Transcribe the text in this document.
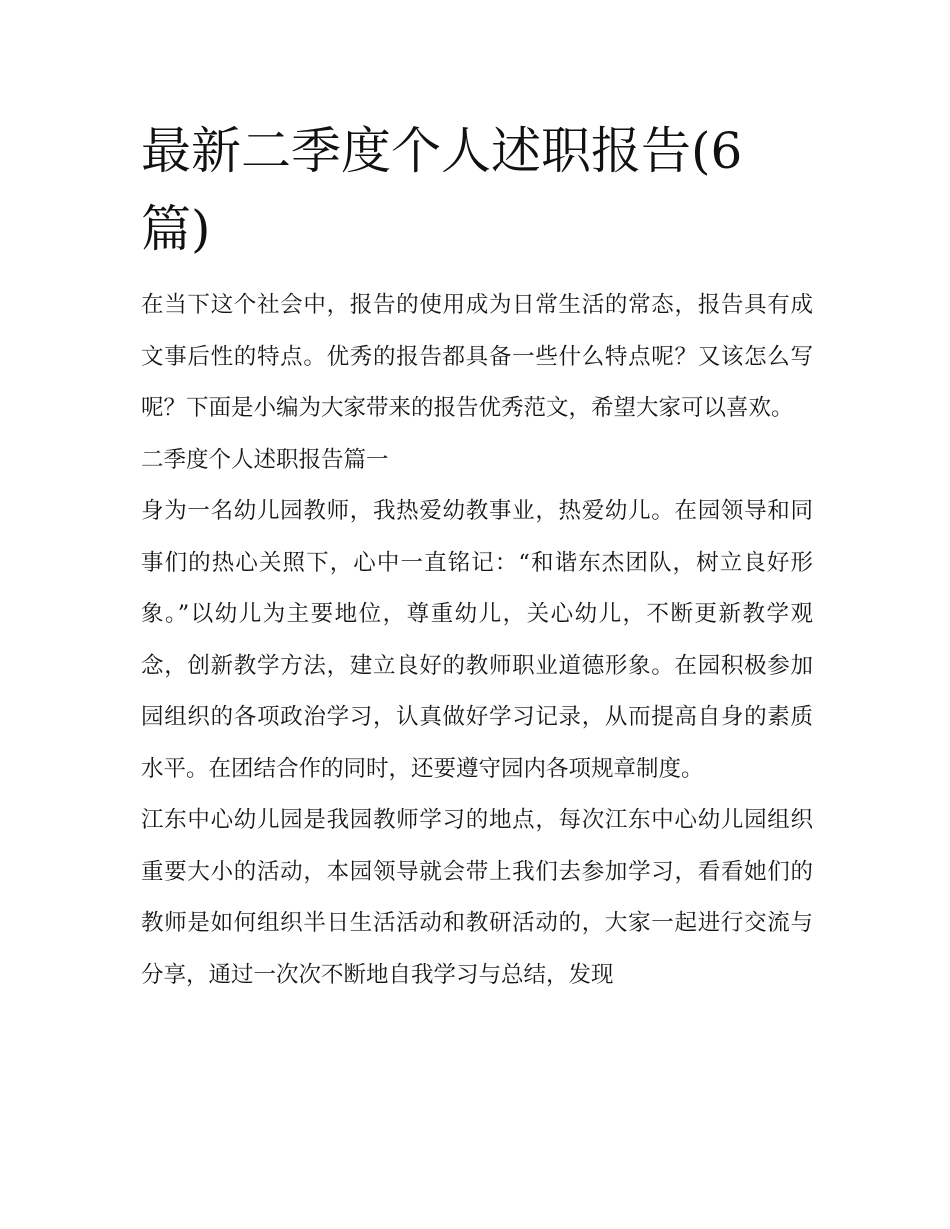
最新二季度个人述职报告(6篇)

在当下这个社会中，报告的使用成为日常生活的常态，报告具有成文事后性的特点。优秀的报告都具备一些什么特点呢？又该怎么写呢？下面是小编为大家带来的报告优秀范文，希望大家可以喜欢。

二季度个人述职报告篇一

身为一名幼儿园教师，我热爱幼教事业，热爱幼儿。在园领导和同事们的热心关照下，心中一直铭记：“和谐东杰团队，树立良好形象。”以幼儿为主要地位，尊重幼儿，关心幼儿，不断更新教学观念，创新教学方法，建立良好的教师职业道德形象。在园积极参加园组织的各项政治学习，认真做好学习记录，从而提高自身的素质水平。在团结合作的同时，还要遵守园内各项规章制度。

江东中心幼儿园是我园教师学习的地点，每次江东中心幼儿园组织重要大小的活动，本园领导就会带上我们去参加学习，看看她们的教师是如何组织半日生活活动和教研活动的，大家一起进行交流与分享，通过一次次不断地自我学习与总结，发现
